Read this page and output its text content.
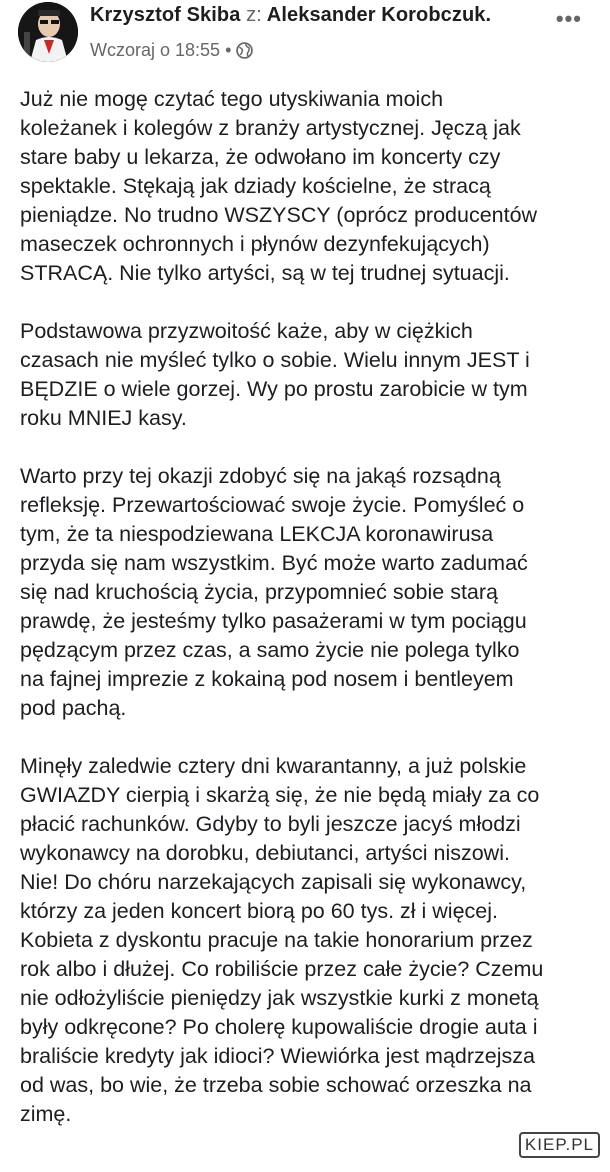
Krzysztof Skiba z: Aleksander Korobczuk.
Wczoraj o 18:55 •
•••
Już nie mogę czytać tego utyskiwania moich
koleżanek i kolegów z branży artystycznej. Jęczą jak
stare baby u lekarza, że odwołano im koncerty czy
spektakle. Stękają jak dziady kościelne, że stracą
pieniądze. No trudno WSZYSCY (oprócz producentów
maseczek ochronnych i płynów dezynfekujących)
STRACĄ. Nie tylko artyści, są w tej trudnej sytuacji.
Podstawowa przyzwoitość każe, aby w ciężkich
czasach nie myśleć tylko o sobie. Wielu innym JEST i
BĘDZIE o wiele gorzej. Wy po prostu zarobicie w tym
roku MNIEJ kasy.
Warto przy tej okazji zdobyć się na jakąś rozsądną
refleksję. Przewartościować swoje życie. Pomyśleć o
tym, że ta niespodziewana LEKCJA koronawirusa
przyda się nam wszystkim. Być może warto zadumać
się nad kruchością życia, przypomnieć sobie starą
prawdę, że jesteśmy tylko pasażerami w tym pociągu
pędzącym przez czas, a samo życie nie polega tylko
na fajnej imprezie z kokainą pod nosem i bentleyem
pod pachą.
Minęły zaledwie cztery dni kwarantanny, a już polskie
GWIAZDY cierpią i skarżą się, że nie będą miały za co
płacić rachunków. Gdyby to byli jeszcze jacyś młodzi
wykonawcy na dorobku, debiutanci, artyści niszowi.
Nie! Do chóru narzekających zapisali się wykonawcy,
którzy za jeden koncert biorą po 60 tys. zł i więcej.
Kobieta z dyskontu pracuje na takie honorarium przez
rok albo i dłużej. Co robiliście przez całe życie? Czemu
nie odłożyliście pieniędzy jak wszystkie kurki z monetą
były odkręcone? Po cholerę kupowaliście drogie auta i
braliście kredyty jak idioci? Wiewiórka jest mądrzejsza
od was, bo wie, że trzeba sobie schować orzeszka na
zimę.
KIEP.PL
